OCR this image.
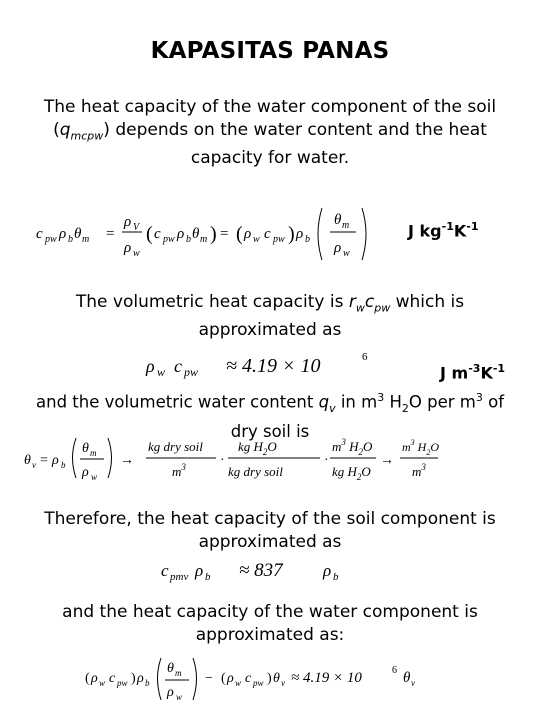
KAPASITAS PANAS
The heat capacity of the water component of the soil
$(q_{mcpw})$ depends on the water content and the heat
capacity for water.
c pw ρ b θ m =
ρ V
ρ w
( c pw ρ b θ m ) = ( ρ w c pw ) ρ b
θ m
ρ w
J $kg^{-1}K^{-1}$
The volumetric heat capacity is $r_wc_{pw}$ which is
approximated as
ρ w c pw ≈ 4.19 × 10	6
J $m^{-3}K^{-1}$
and the volumetric water content $q_v$ in $m^3$ $H_2O$ per $m^3$ of
dry soil is
θ v = ρ b
θ m
ρ w
→
kg dry soil
$m^3$ ·
kg $H_2O$
kg dry soil
·
$m^3$ $H_2O$
kg $H_2O$
→
$m^3$ $H_2O$
$m^3$
Therefore, the heat capacity of the soil component is
approximated as
c pmv ρ b ≈ 837 ρ b
and the heat capacity of the water component is
approximated as:
( ρ w c pw ) ρ b
θ m
ρ w
− ( ρ w c pw ) θ v ≈ 4.19 × 10	6 θ v
